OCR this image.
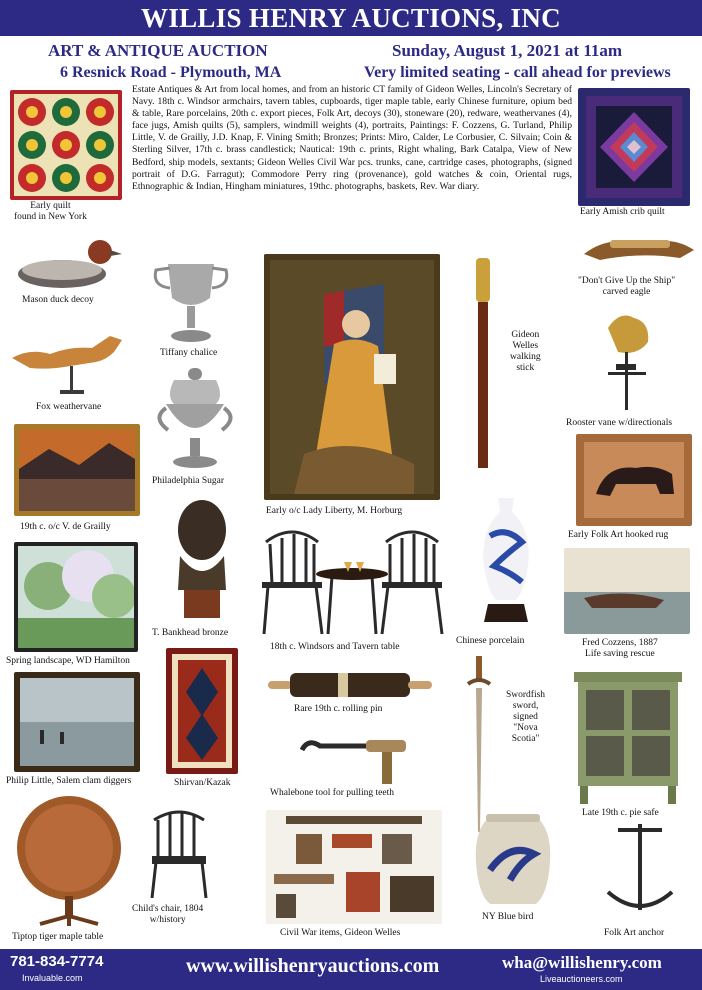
WILLIS HENRY AUCTIONS, INC
ART & ANTIQUE AUCTION	Sunday, August 1, 2021 at 11am
6 Resnick Road - Plymouth, MA	Very limited seating - call ahead for previews
Estate Antiques & Art from local homes, and from an historic CT family of Gideon Welles, Lincoln's Secretary of Navy. 18th c. Windsor armchairs, tavern tables, cupboards, tiger maple table, early Chinese furniture, opium bed & table, Rare porcelains, 20th c. export pieces, Folk Art, decoys (30), stoneware (20), redware, weathervanes (4), face jugs, Amish quilts (5), samplers, windmill weights (4), portraits, Paintings: F. Cozzens, G. Turland, Philip Little, V. de Grailly, J.D. Knap, F. Vining Smith; Bronzes; Prints: Miro, Calder, Le Corbusier, C. Silvain; Coin & Sterling Silver, 17th c. brass candlestick; Nautical: 19th c. prints, Right whaling, Bark Catalpa, View of New Bedford, ship models, sextants; Gideon Welles Civil War pcs. trunks, cane, cartridge cases, photographs, (signed portrait of D.G. Farragut); Commodore Perry ring (provenance), gold watches & coin, Oriental rugs, Ethnographic & Indian, Hingham miniatures, 19thc. photographs, baskets, Rev. War diary.
Early quilt
found in New York	Early Amish crib quilt
Mason duck decoy
"Don't Give Up the Ship"
carved eagle
Tiffany chalice
Early o/c Lady Liberty, M. Horburg
Gideon
Welles
walking
stick
Fox weathervane
Rooster vane w/directionals
Philadelphia Sugar
19th c. o/c V. de Grailly
Early Folk Art hooked rug
T. Bankhead bronze
18th c. Windsors and Tavern table
Chinese porcelain	Fred Cozzens, 1887
Life saving rescue
Spring landscape, WD Hamilton
Shirvan/Kazak
Rare 19th c. rolling pin
Swordfish
sword,
signed
"Nova
Scotia"
Late 19th c. pie safe
Philip Little, Salem clam diggers
Whalebone tool for pulling teeth
Tiptop tiger maple table
Child's chair, 1804
w/history
Civil War items, Gideon Welles
NY Blue bird
Folk Art anchor
781-834-7774
Invaluable.com
www.willishenryauctions.com	wha@willishenry.com
Liveauctioneers.com
